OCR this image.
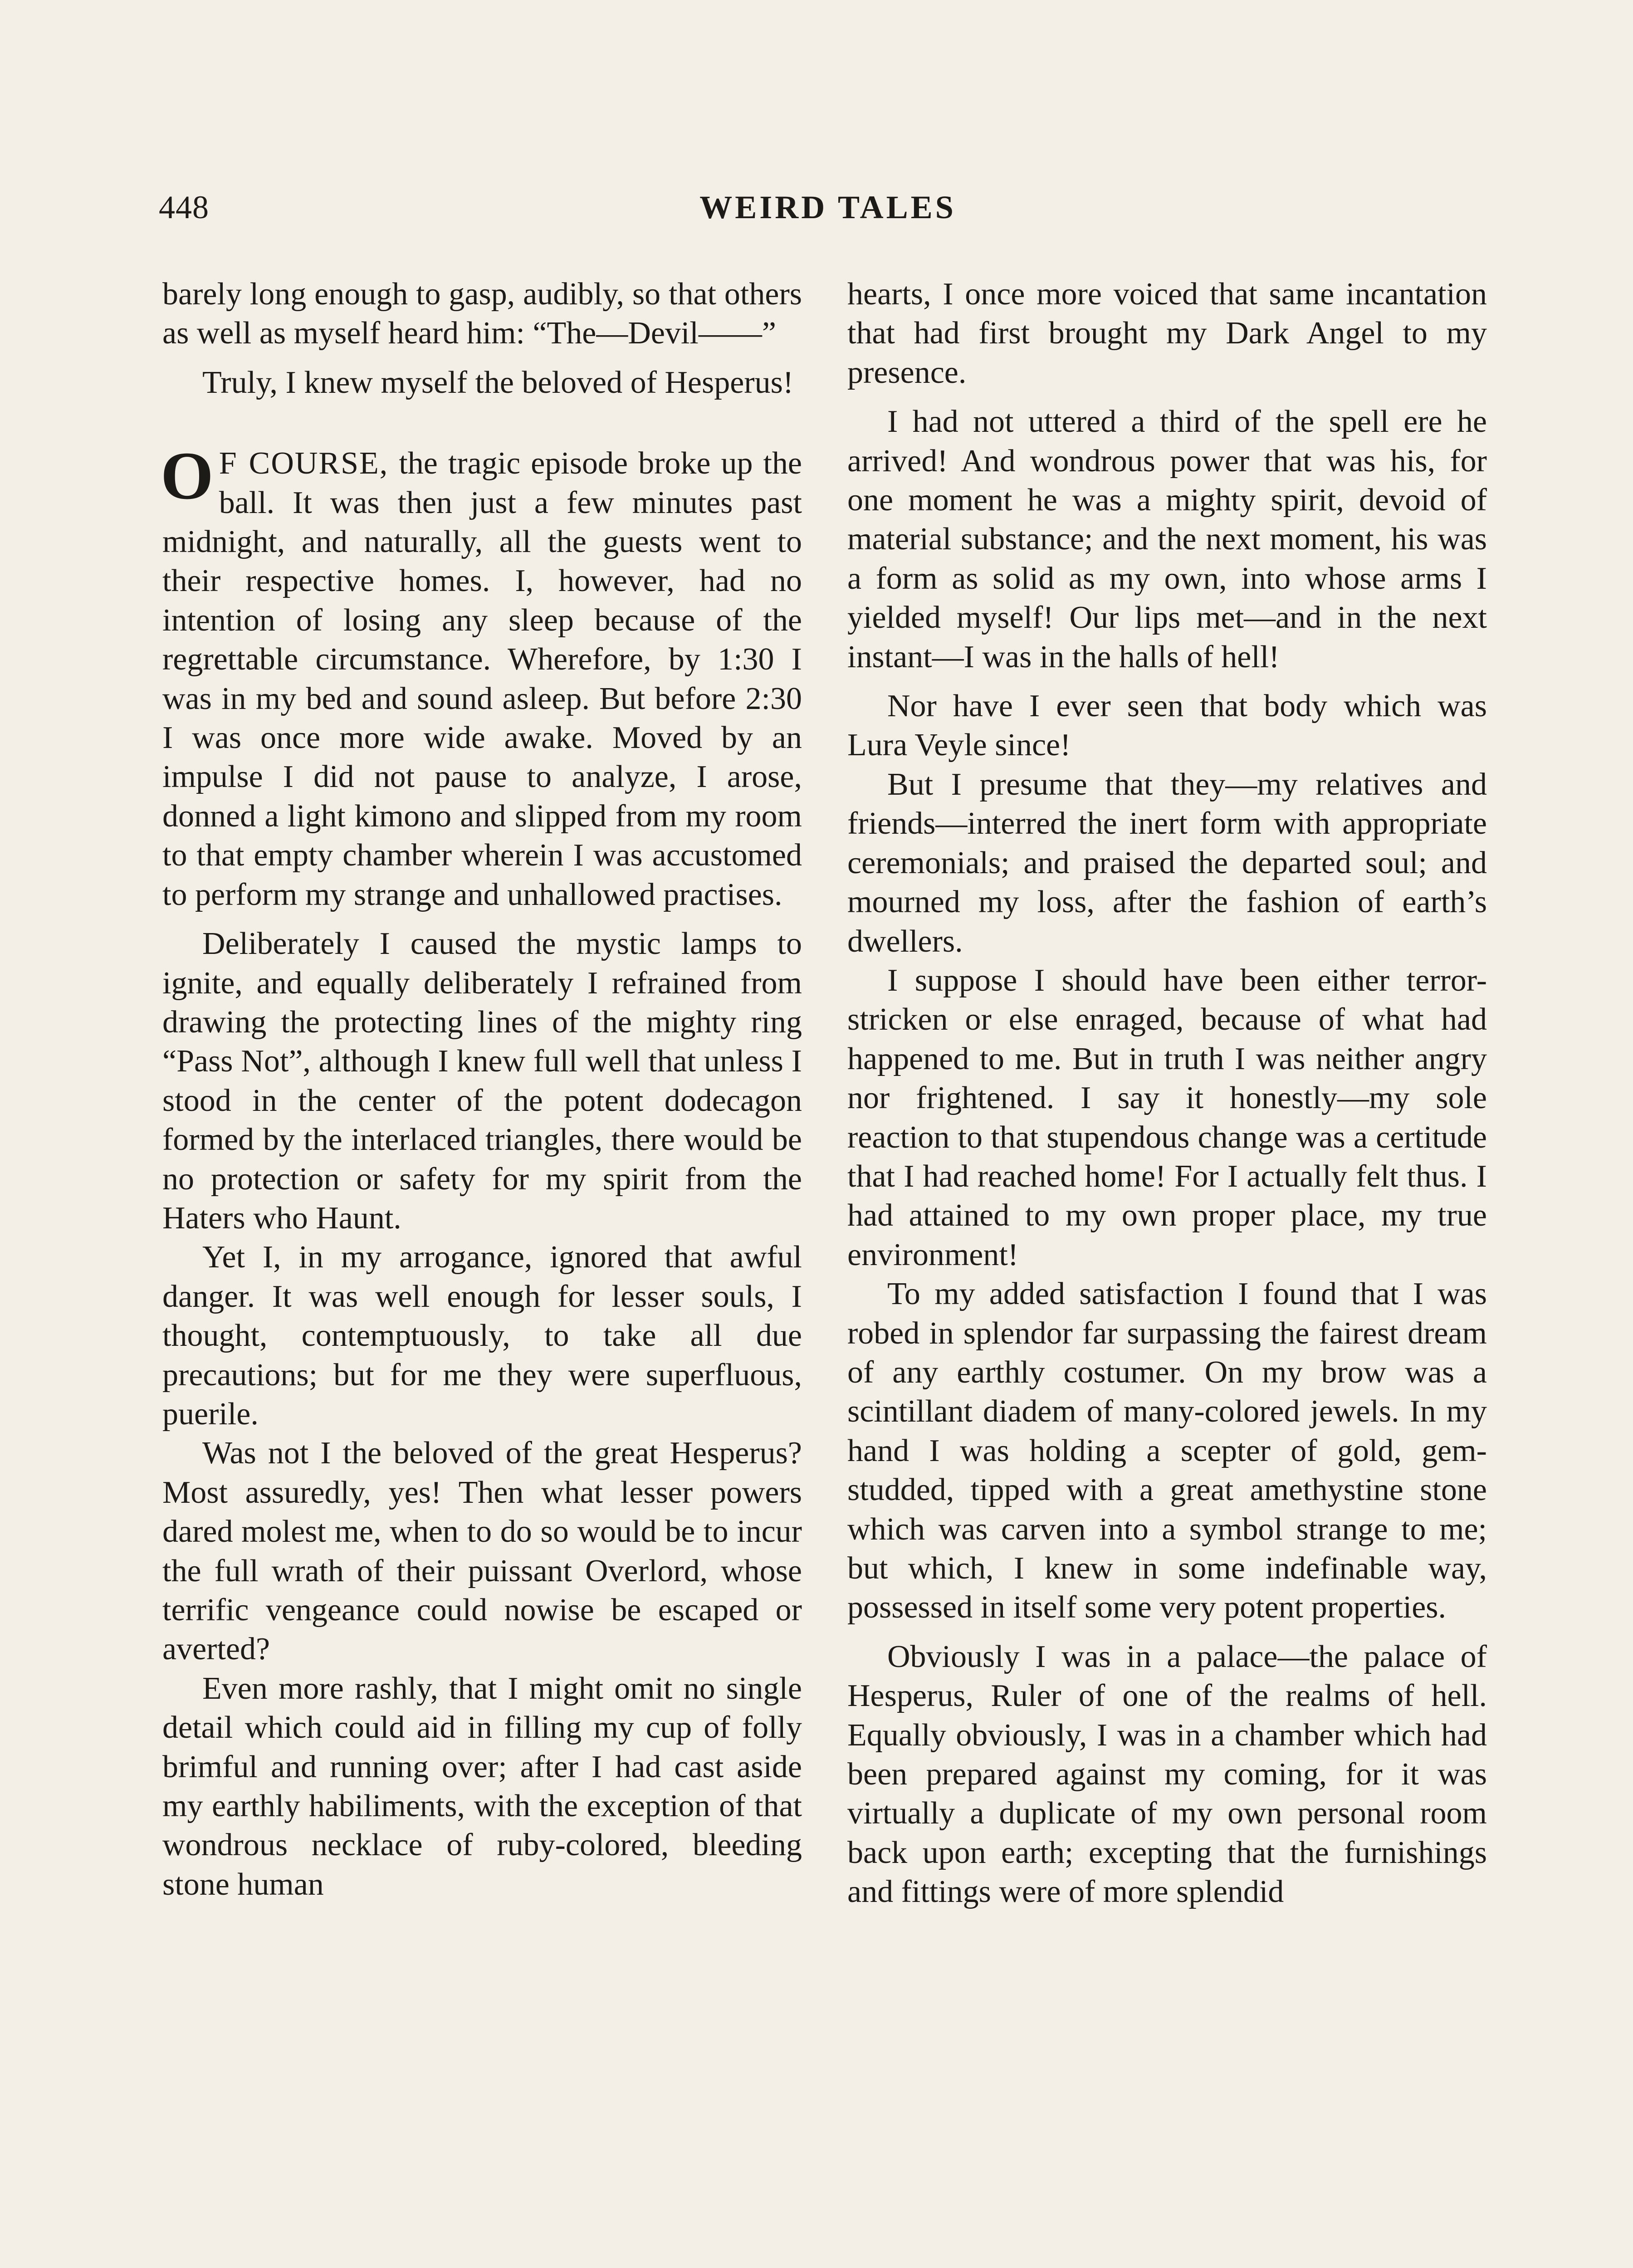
448	WEIRD TALES

barely long enough to gasp, audibly, so that others as well as myself heard him: “The—Devil——”

Truly, I knew myself the beloved of Hesperus!

O F COURSE, the tragic episode broke up the ball. It was then just a few minutes past midnight, and naturally, all the guests went to their respective homes. I, however, had no intention of losing any sleep because of the regrettable circumstance. Wherefore, by 1:30 I was in my bed and sound asleep. But before 2:30 I was once more wide awake. Moved by an impulse I did not pause to analyze, I arose, donned a light kimono and slipped from my room to that empty chamber wherein I was accustomed to perform my strange and unhallowed practises.

Deliberately I caused the mystic lamps to ignite, and equally deliberately I refrained from drawing the protecting lines of the mighty ring “Pass Not”, although I knew full well that unless I stood in the center of the potent dodecagon formed by the interlaced triangles, there would be no protection or safety for my spirit from the Haters who Haunt.

Yet I, in my arrogance, ignored that awful danger. It was well enough for lesser souls, I thought, contemptuously, to take all due precautions; but for me they were superfluous, puerile.

Was not I the beloved of the great Hesperus? Most assuredly, yes! Then what lesser powers dared molest me, when to do so would be to incur the full wrath of their puissant Overlord, whose terrific vengeance could nowise be escaped or averted?

Even more rashly, that I might omit no single detail which could aid in filling my cup of folly brimful and running over; after I had cast aside my earthly habiliments, with the exception of that wondrous necklace of ruby-colored, bleeding stone human

hearts, I once more voiced that same incantation that had first brought my Dark Angel to my presence.

I had not uttered a third of the spell ere he arrived! And wondrous power that was his, for one moment he was a mighty spirit, devoid of material substance; and the next moment, his was a form as solid as my own, into whose arms I yielded myself! Our lips met—and in the next instant—I was in the halls of hell!

Nor have I ever seen that body which was Lura Veyle since!

But I presume that they—my relatives and friends—interred the inert form with appropriate ceremonials; and praised the departed soul; and mourned my loss, after the fashion of earth’s dwellers.

I suppose I should have been either terror-stricken or else enraged, because of what had happened to me. But in truth I was neither angry nor frightened. I say it honestly—my sole reaction to that stupendous change was a certitude that I had reached home! For I actually felt thus. I had attained to my own proper place, my true environment!

To my added satisfaction I found that I was robed in splendor far surpassing the fairest dream of any earthly costumer. On my brow was a scintillant diadem of many-colored jewels. In my hand I was holding a scepter of gold, gem-studded, tipped with a great amethystine stone which was carven into a symbol strange to me; but which, I knew in some indefinable way, possessed in itself some very potent properties.

Obviously I was in a palace—the palace of Hesperus, Ruler of one of the realms of hell. Equally obviously, I was in a chamber which had been prepared against my coming, for it was virtually a duplicate of my own personal room back upon earth; excepting that the furnishings and fittings were of more splendid
